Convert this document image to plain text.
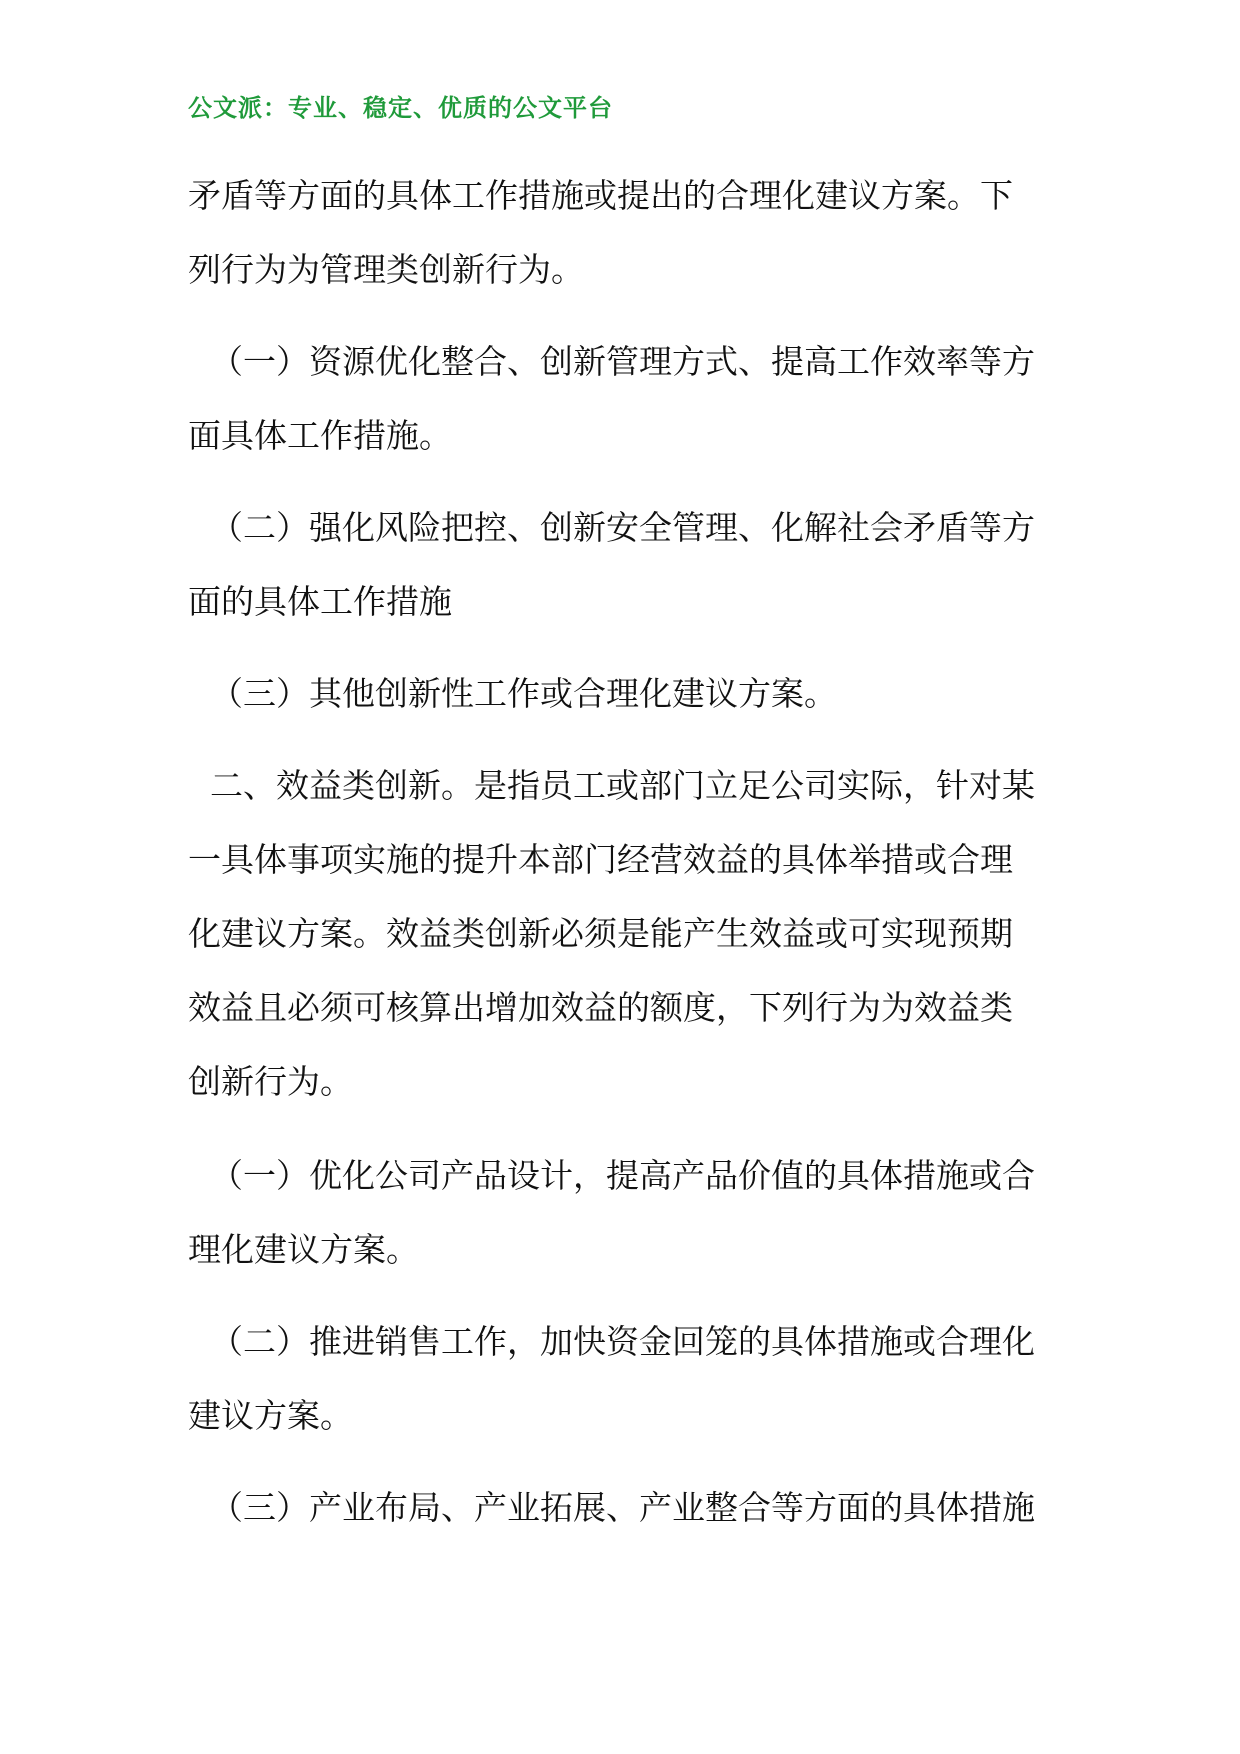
公文派：专业、稳定、优质的公文平台
矛盾等方面的具体工作措施或提出的合理化建议方案。下
列行为为管理类创新行为。
（一）资源优化整合、创新管理方式、提高工作效率等方
面具体工作措施。
（二）强化风险把控、创新安全管理、化解社会矛盾等方
面的具体工作措施
（三）其他创新性工作或合理化建议方案。
二、效益类创新。是指员工或部门立足公司实际，针对某
一具体事项实施的提升本部门经营效益的具体举措或合理
化建议方案。效益类创新必须是能产生效益或可实现预期
效益且必须可核算出增加效益的额度，下列行为为效益类
创新行为。
（一）优化公司产品设计，提高产品价值的具体措施或合
理化建议方案。
（二）推进销售工作，加快资金回笼的具体措施或合理化
建议方案。
（三）产业布局、产业拓展、产业整合等方面的具体措施
